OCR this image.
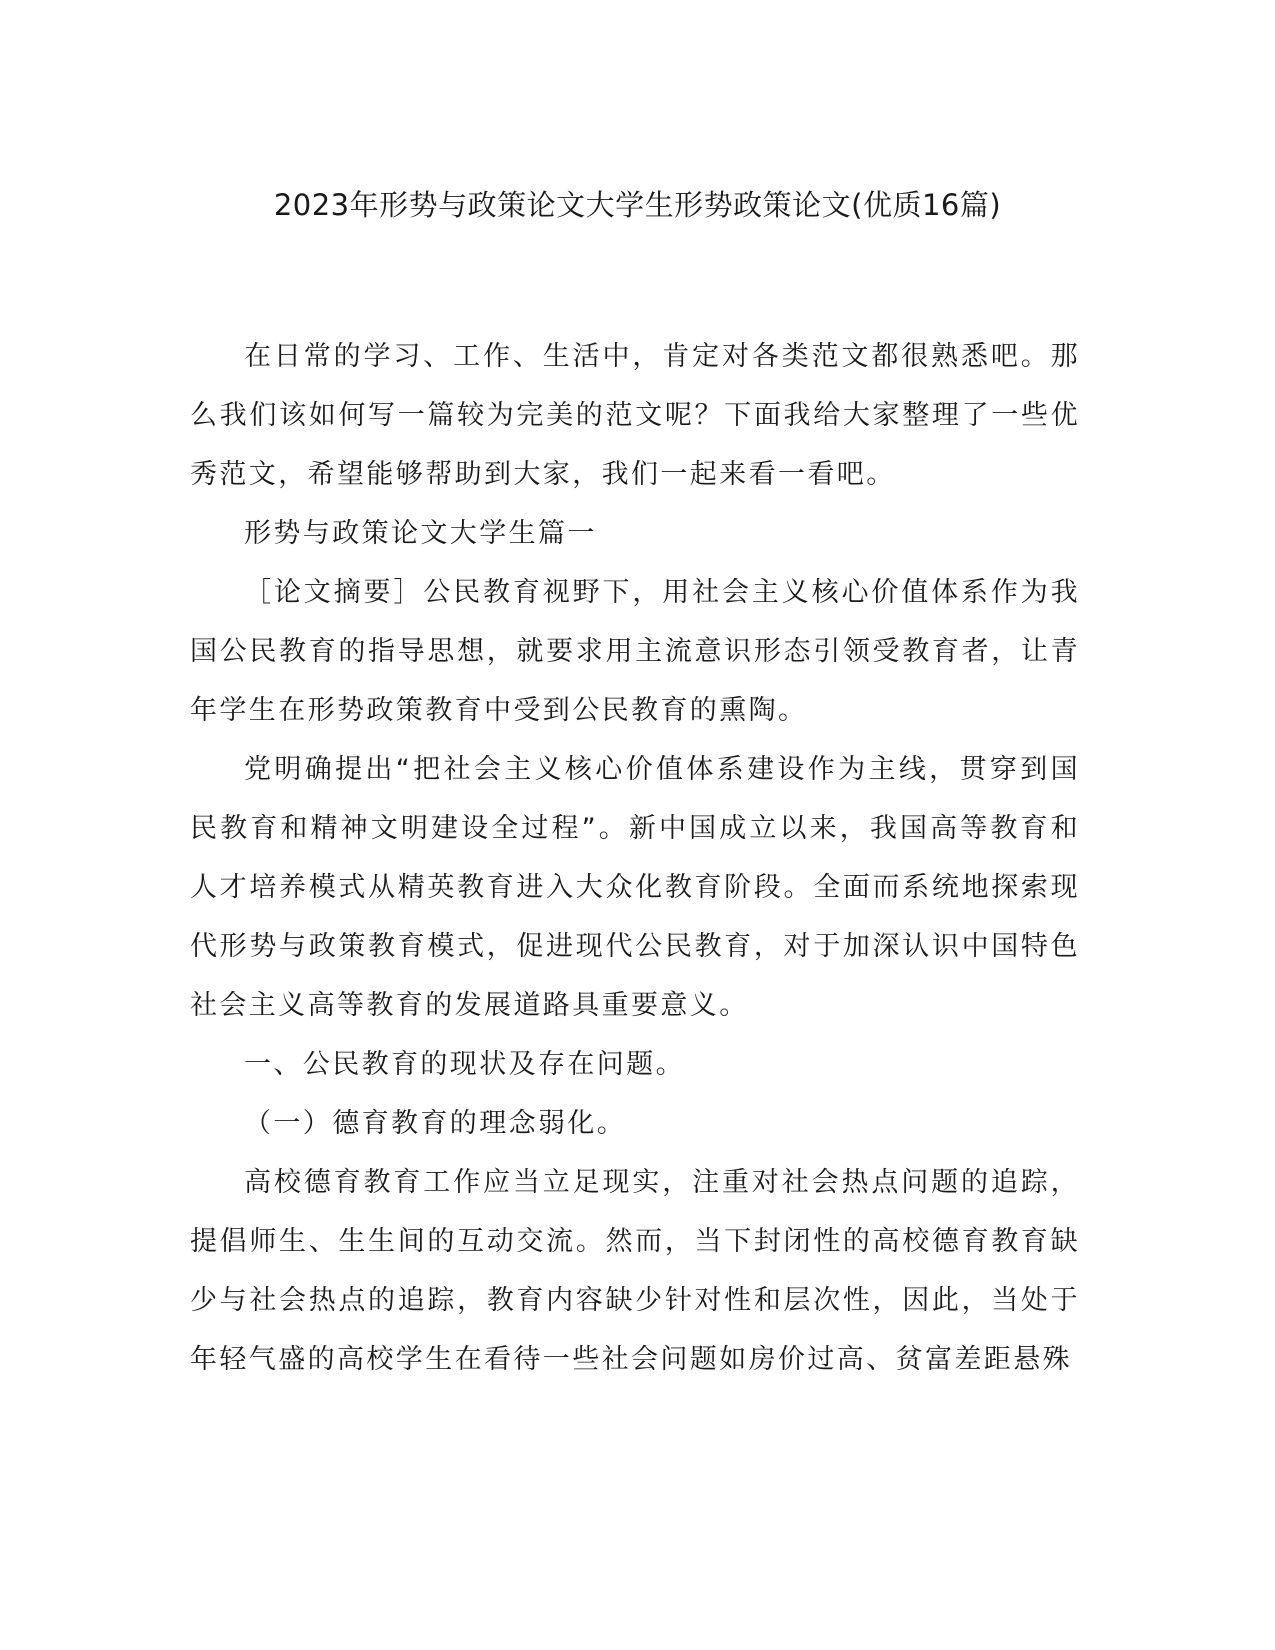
2023年形势与政策论文大学生形势政策论文(优质16篇)

在日常的学习、工作、生活中，肯定对各类范文都很熟悉吧。那么我们该如何写一篇较为完美的范文呢？下面我给大家整理了一些优秀范文，希望能够帮助到大家，我们一起来看一看吧。

形势与政策论文大学生篇一

［论文摘要］公民教育视野下，用社会主义核心价值体系作为我国公民教育的指导思想，就要求用主流意识形态引领受教育者，让青年学生在形势政策教育中受到公民教育的熏陶。

党明确提出“把社会主义核心价值体系建设作为主线，贯穿到国民教育和精神文明建设全过程”。新中国成立以来，我国高等教育和人才培养模式从精英教育进入大众化教育阶段。全面而系统地探索现代形势与政策教育模式，促进现代公民教育，对于加深认识中国特色社会主义高等教育的发展道路具重要意义。

一、公民教育的现状及存在问题。

（一）德育教育的理念弱化。

高校德育教育工作应当立足现实，注重对社会热点问题的追踪，提倡师生、生生间的互动交流。然而，当下封闭性的高校德育教育缺少与社会热点的追踪，教育内容缺少针对性和层次性，因此，当处于年轻气盛的高校学生在看待一些社会问题如房价过高、贫富差距悬殊
